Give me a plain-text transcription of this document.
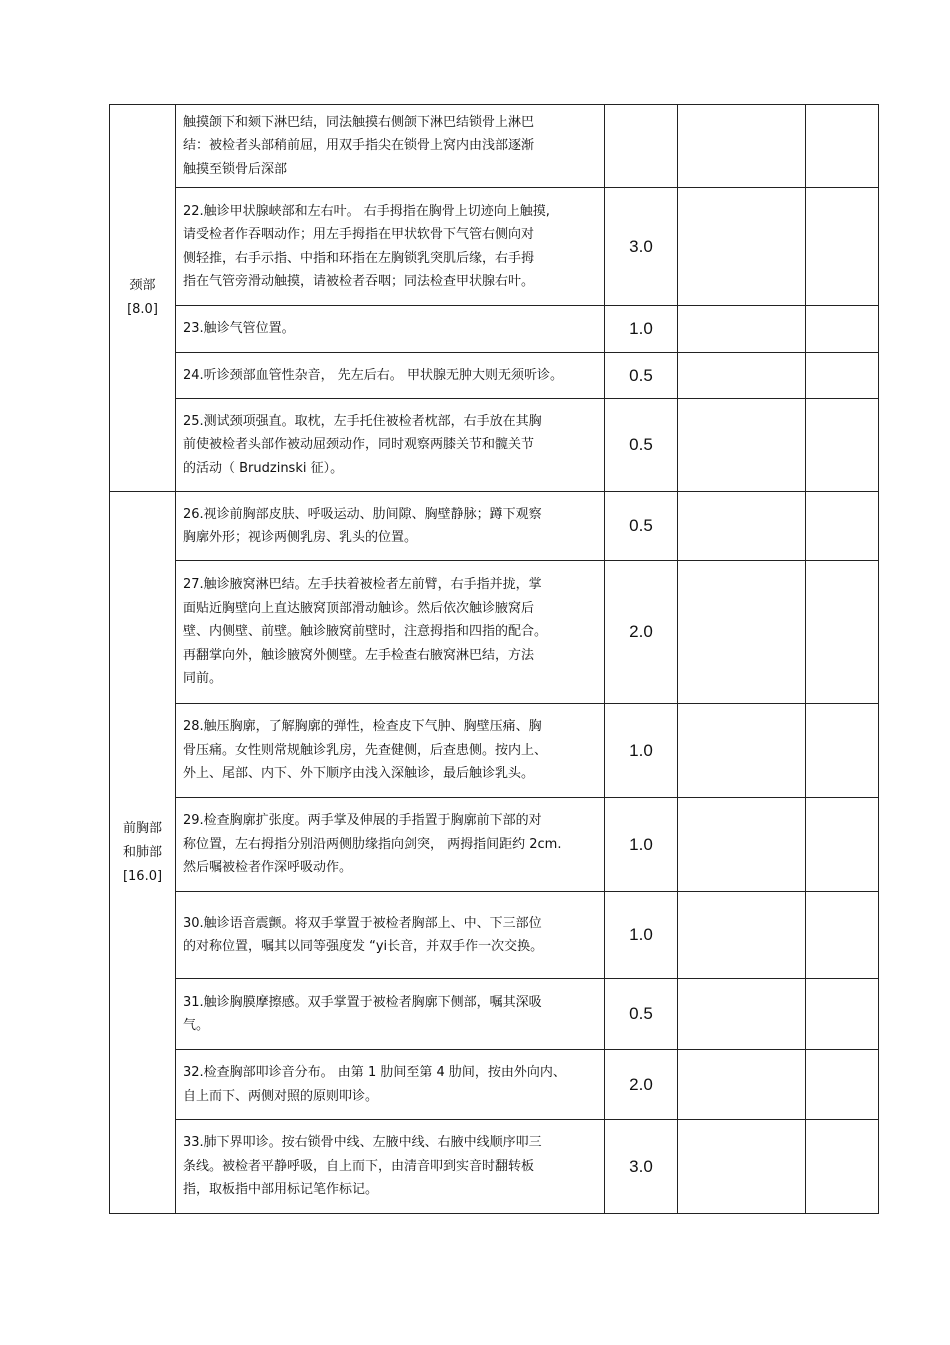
颈部
[8.0]	触摸颌下和颏下淋巴结，同法触摸右侧颌下淋巴结锁骨上淋巴
结：被检者头部稍前屈，用双手指尖在锁骨上窝内由浅部逐渐
触摸至锁骨后深部			
	22.触诊甲状腺峡部和左右叶。 右手拇指在胸骨上切迹向上触摸,
请受检者作吞咽动作；用左手拇指在甲状软骨下气管右侧向对
侧轻推，右手示指、中指和环指在左胸锁乳突肌后缘，右手拇
指在气管旁滑动触摸，请被检者吞咽；同法检查甲状腺右叶。	3.0		
	23.触诊气管位置。	1.0		
	24.听诊颈部血管性杂音， 先左后右。 甲状腺无肿大则无须听诊。	0.5		
	25.测试颈项强直。取枕，左手托住被检者枕部，右手放在其胸
前使被检者头部作被动屈颈动作，同时观察两膝关节和髋关节
的活动（ Brudzinski 征）。	0.5		

前胸部
和肺部
[16.0]	26.视诊前胸部皮肤、呼吸运动、肋间隙、胸壁静脉；蹲下观察
胸廓外形；视诊两侧乳房、乳头的位置。	0.5		
	27.触诊腋窝淋巴结。左手扶着被检者左前臂，右手指并拢，掌
面贴近胸壁向上直达腋窝顶部滑动触诊。然后依次触诊腋窝后
壁、内侧壁、前壁。触诊腋窝前壁时，注意拇指和四指的配合。
再翻掌向外，触诊腋窝外侧壁。左手检查右腋窝淋巴结，方法
同前。	2.0		
	28.触压胸廓，了解胸廓的弹性，检查皮下气肿、胸壁压痛、胸
骨压痛。女性则常规触诊乳房，先查健侧，后查患侧。按内上、
外上、尾部、内下、外下顺序由浅入深触诊，最后触诊乳头。	1.0		
	29.检查胸廓扩张度。两手掌及伸展的手指置于胸廓前下部的对
称位置，左右拇指分别沿两侧肋缘指向剑突， 两拇指间距约 2cm.
然后嘱被检者作深呼吸动作。	1.0		
	30.触诊语音震颤。将双手掌置于被检者胸部上、中、下三部位
的对称位置，嘱其以同等强度发 “yi长音，并双手作一次交换。	1.0		
	31.触诊胸膜摩擦感。双手掌置于被检者胸廓下侧部，嘱其深吸
气。	0.5		
	32.检查胸部叩诊音分布。 由第 1 肋间至第 4 肋间，按由外向内、
自上而下、两侧对照的原则叩诊。	2.0		
	33.肺下界叩诊。按右锁骨中线、左腋中线、右腋中线顺序叩三
条线。被检者平静呼吸，自上而下，由清音叩到实音时翻转板
指，取板指中部用标记笔作标记。	3.0		
